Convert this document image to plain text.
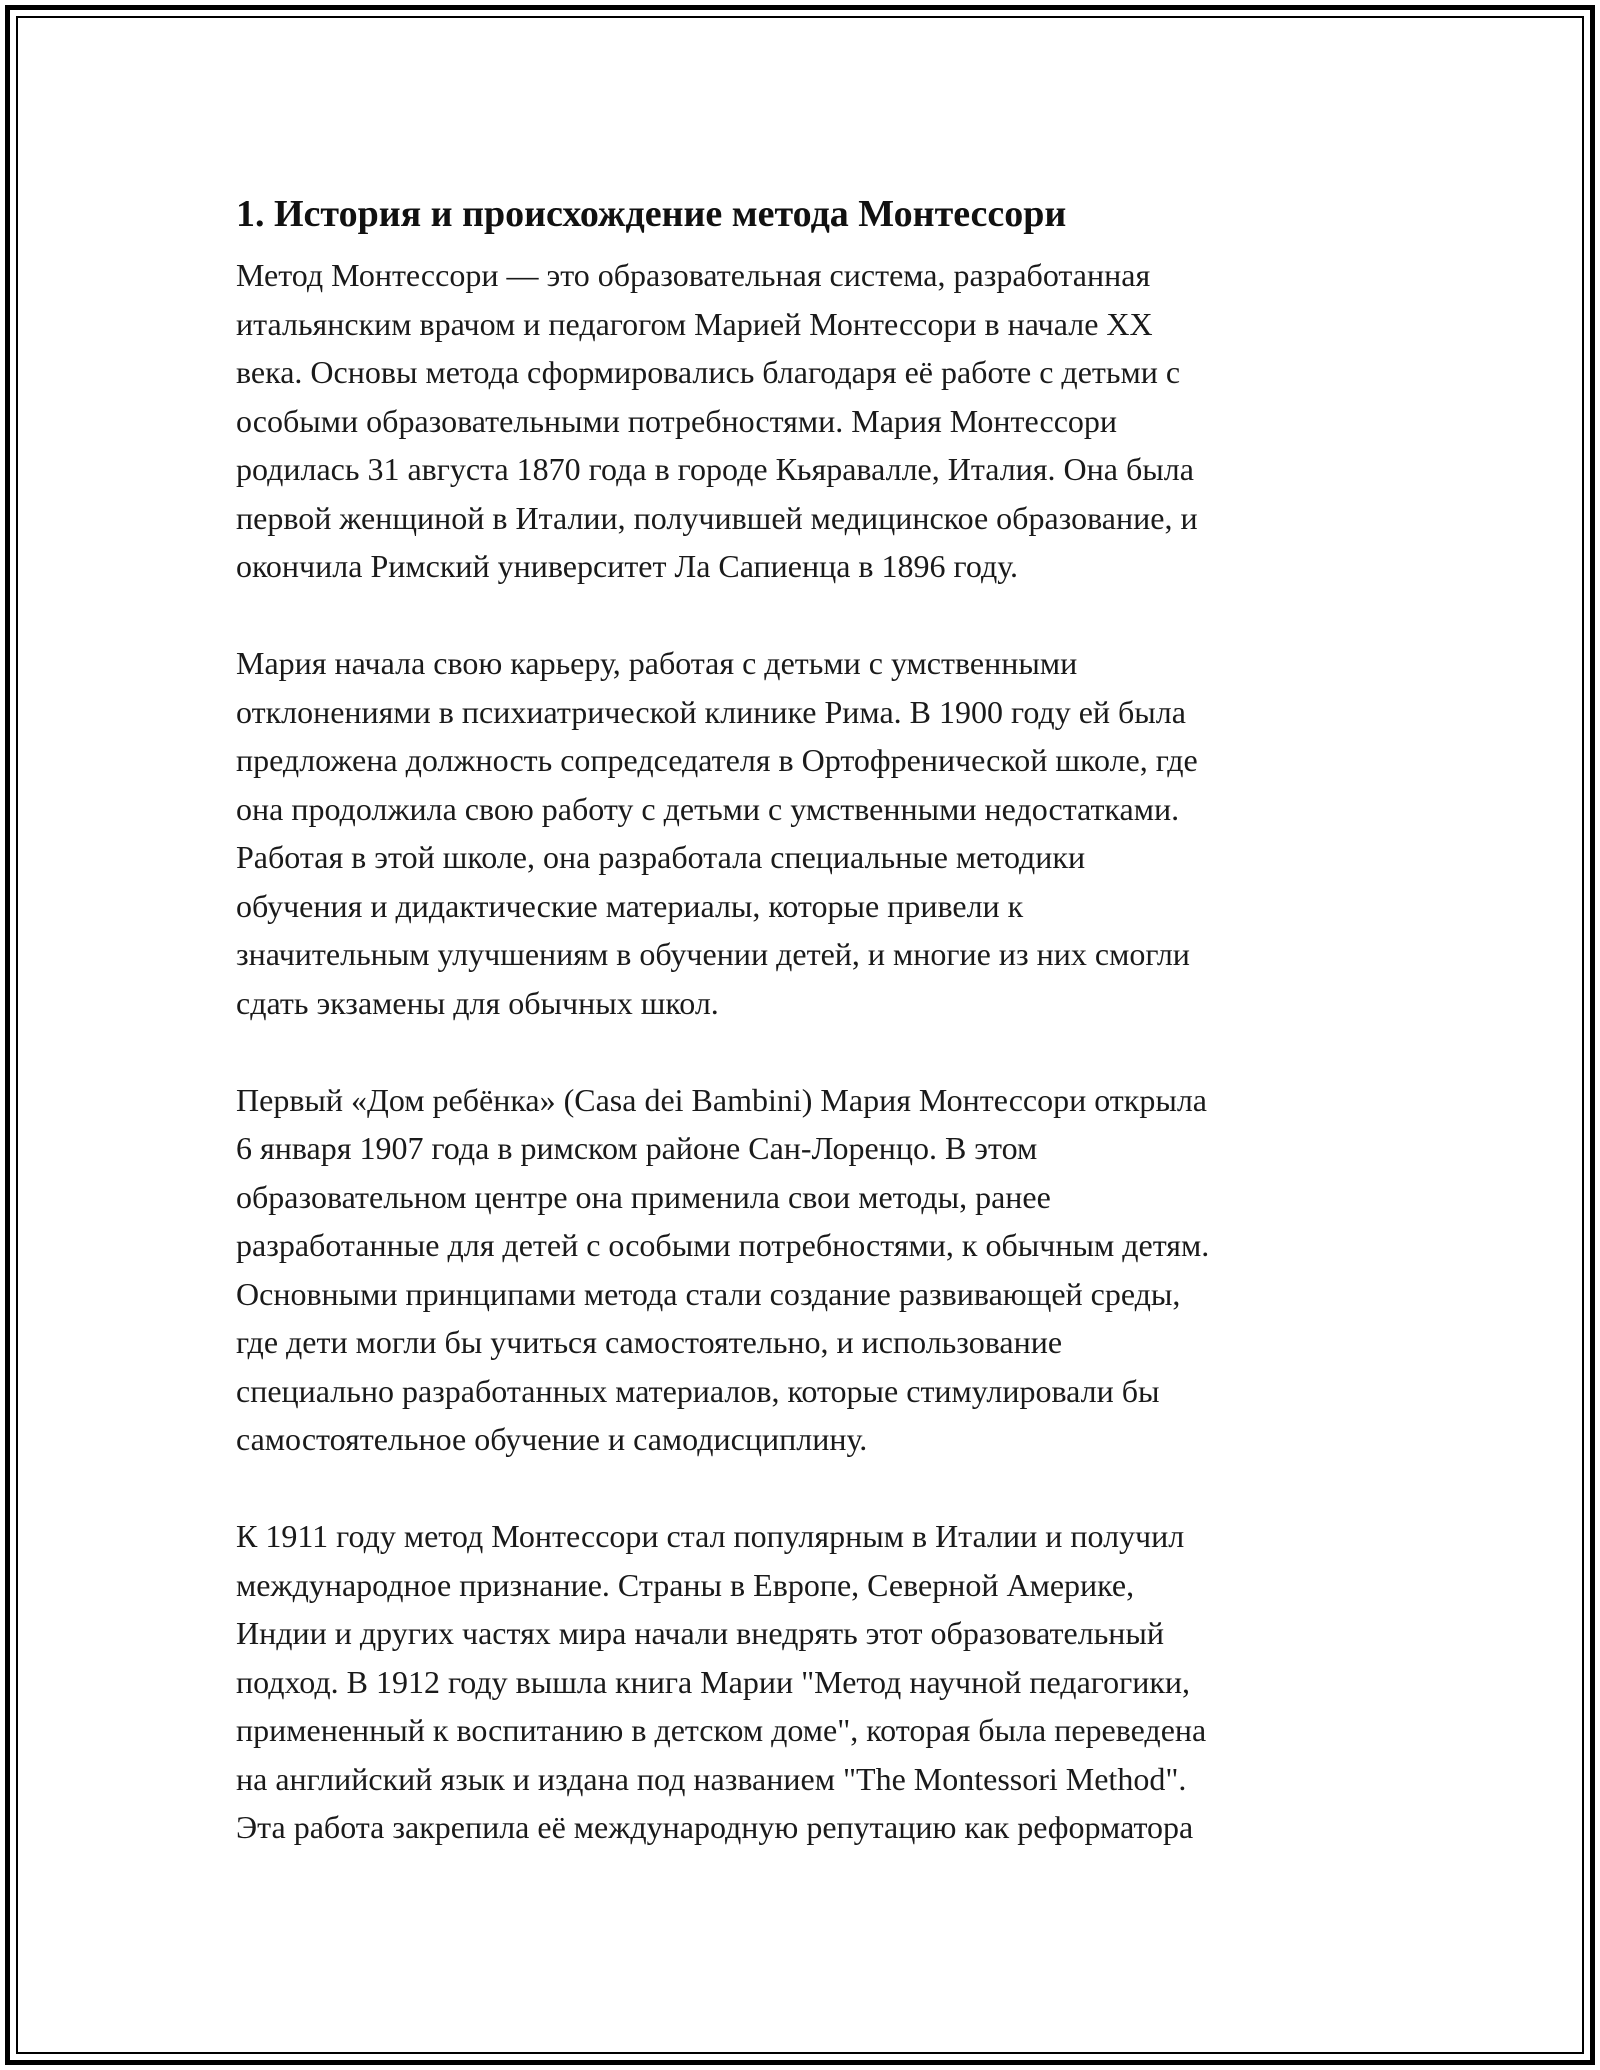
1. История и происхождение метода Монтессори

Метод Монтессори — это образовательная система, разработанная
итальянским врачом и педагогом Марией Монтессори в начале XX
века. Основы метода сформировались благодаря её работе с детьми с
особыми образовательными потребностями. Мария Монтессори
родилась 31 августа 1870 года в городе Кьяравалле, Италия. Она была
первой женщиной в Италии, получившей медицинское образование, и
окончила Римский университет Ла Сапиенца в 1896 году.

Мария начала свою карьеру, работая с детьми с умственными
отклонениями в психиатрической клинике Рима. В 1900 году ей была
предложена должность сопредседателя в Ортофренической школе, где
она продолжила свою работу с детьми с умственными недостатками.
Работая в этой школе, она разработала специальные методики
обучения и дидактические материалы, которые привели к
значительным улучшениям в обучении детей, и многие из них смогли
сдать экзамены для обычных школ.

Первый «Дом ребёнка» (Casa dei Bambini) Мария Монтессори открыла
6 января 1907 года в римском районе Сан-Лоренцо. В этом
образовательном центре она применила свои методы, ранее
разработанные для детей с особыми потребностями, к обычным детям.
Основными принципами метода стали создание развивающей среды,
где дети могли бы учиться самостоятельно, и использование
специально разработанных материалов, которые стимулировали бы
самостоятельное обучение и самодисциплину.

К 1911 году метод Монтессори стал популярным в Италии и получил
международное признание. Страны в Европе, Северной Америке,
Индии и других частях мира начали внедрять этот образовательный
подход. В 1912 году вышла книга Марии "Метод научной педагогики,
примененный к воспитанию в детском доме", которая была переведена
на английский язык и издана под названием "The Montessori Method".
Эта работа закрепила её международную репутацию как реформатора
